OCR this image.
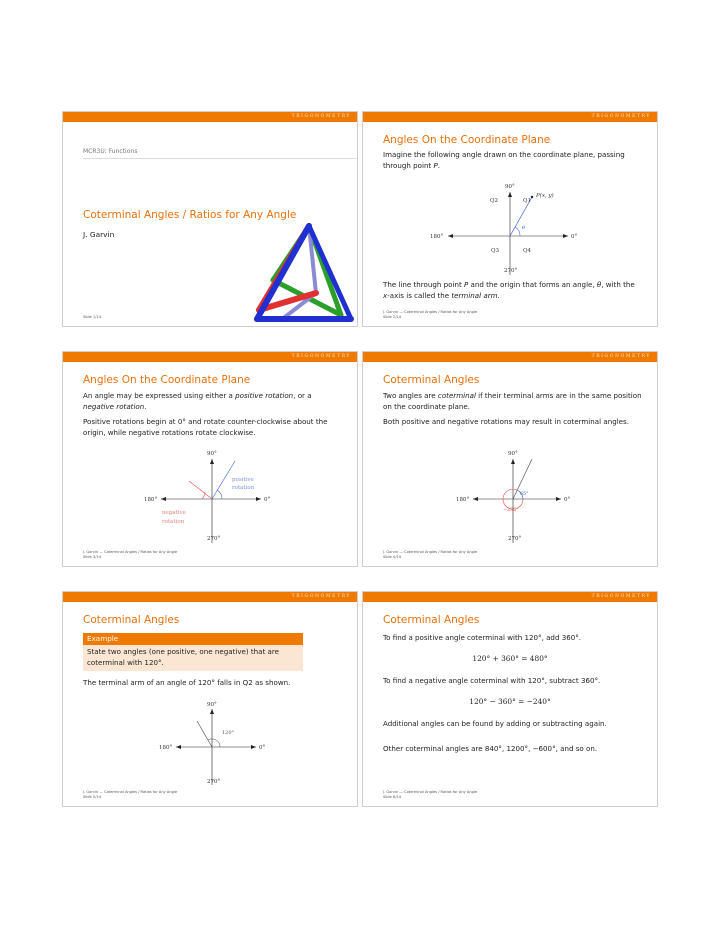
TRIGONOMETRY
MCR3U: Functions
Coterminal Angles / Ratios for Any Angle
J. Garvin
Slide 1/14
TRIGONOMETRY
Angles On the Coordinate Plane

Imagine the following angle drawn on the coordinate plane, passing through point P.

90°
0°
180°
270°
Q2	Q1
Q3	Q4
P(x, y)
θ

The line through point P and the origin that forms an angle, θ, with the x-axis is called the terminal arm.

J. Garvin — Coterminal Angles / Ratios for Any Angle
Slide 2/14
TRIGONOMETRY
Angles On the Coordinate Plane

An angle may be expressed using either a positive rotation, or a negative rotation.

Positive rotations begin at 0° and rotate counter-clockwise about the origin, while negative rotations rotate clockwise.

90°
0°
180°
270°
positive
rotation
negative
rotation
J. Garvin — Coterminal Angles / Ratios for Any Angle
Slide 3/14
TRIGONOMETRY
Coterminal Angles

Two angles are coterminal if their terminal arms are in the same position on the coordinate plane.

Both positive and negative rotations may result in coterminal angles.

90°
0°
180°
270°
65°
−295°
J. Garvin — Coterminal Angles / Ratios for Any Angle
Slide 4/14
TRIGONOMETRY
Coterminal Angles
Example
State two angles (one positive, one negative) that are coterminal with 120°.
The terminal arm of an angle of 120° falls in Q2 as shown.
90°
0°
180°
270°
120°
J. Garvin — Coterminal Angles / Ratios for Any Angle
Slide 5/14
TRIGONOMETRY
Coterminal Angles
To find a positive angle coterminal with 120°, add 360°.
120° + 360° = 480°
To find a negative angle coterminal with 120°, subtract 360°.
120° − 360° = −240°
Additional angles can be found by adding or subtracting again.
Other coterminal angles are 840°, 1200°, −600°, and so on.
J. Garvin — Coterminal Angles / Ratios for Any Angle
Slide 6/14
